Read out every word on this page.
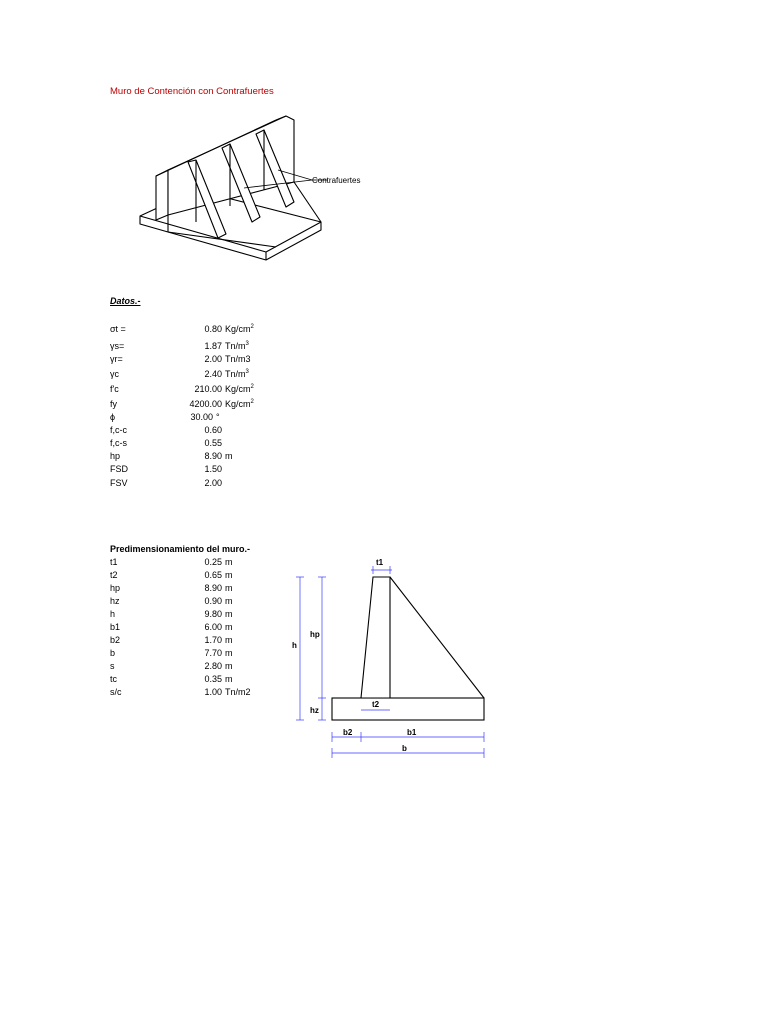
Muro de Contención con Contrafuertes
Contrafuertes
Datos.-
σt =	0.80 $Kg/cm^2$
γs=	1.87 $Tn/m^3$
γr=	2.00 Tn/m3
γc	2.40 $Tn/m^3$
f'c	210.00 $Kg/cm^2$
fy	4200.00 $Kg/cm^2$
ϕ	30.00 °
f,c-c	0.60
f,c-s	0.55
hp	8.90 m
FSD	1.50
FSV	2.00
Predimensionamiento del muro.-
t1	0.25 m
t2	0.65 m
hp	8.90 m
hz	0.90 m
h	9.80 m
b1	6.00 m
b2	1.70 m
b	7.70 m
s	2.80 m
tc	0.35 m
s/c	1.00 Tn/m2
t1
t2
h
hp
hz
b2	b1
b
